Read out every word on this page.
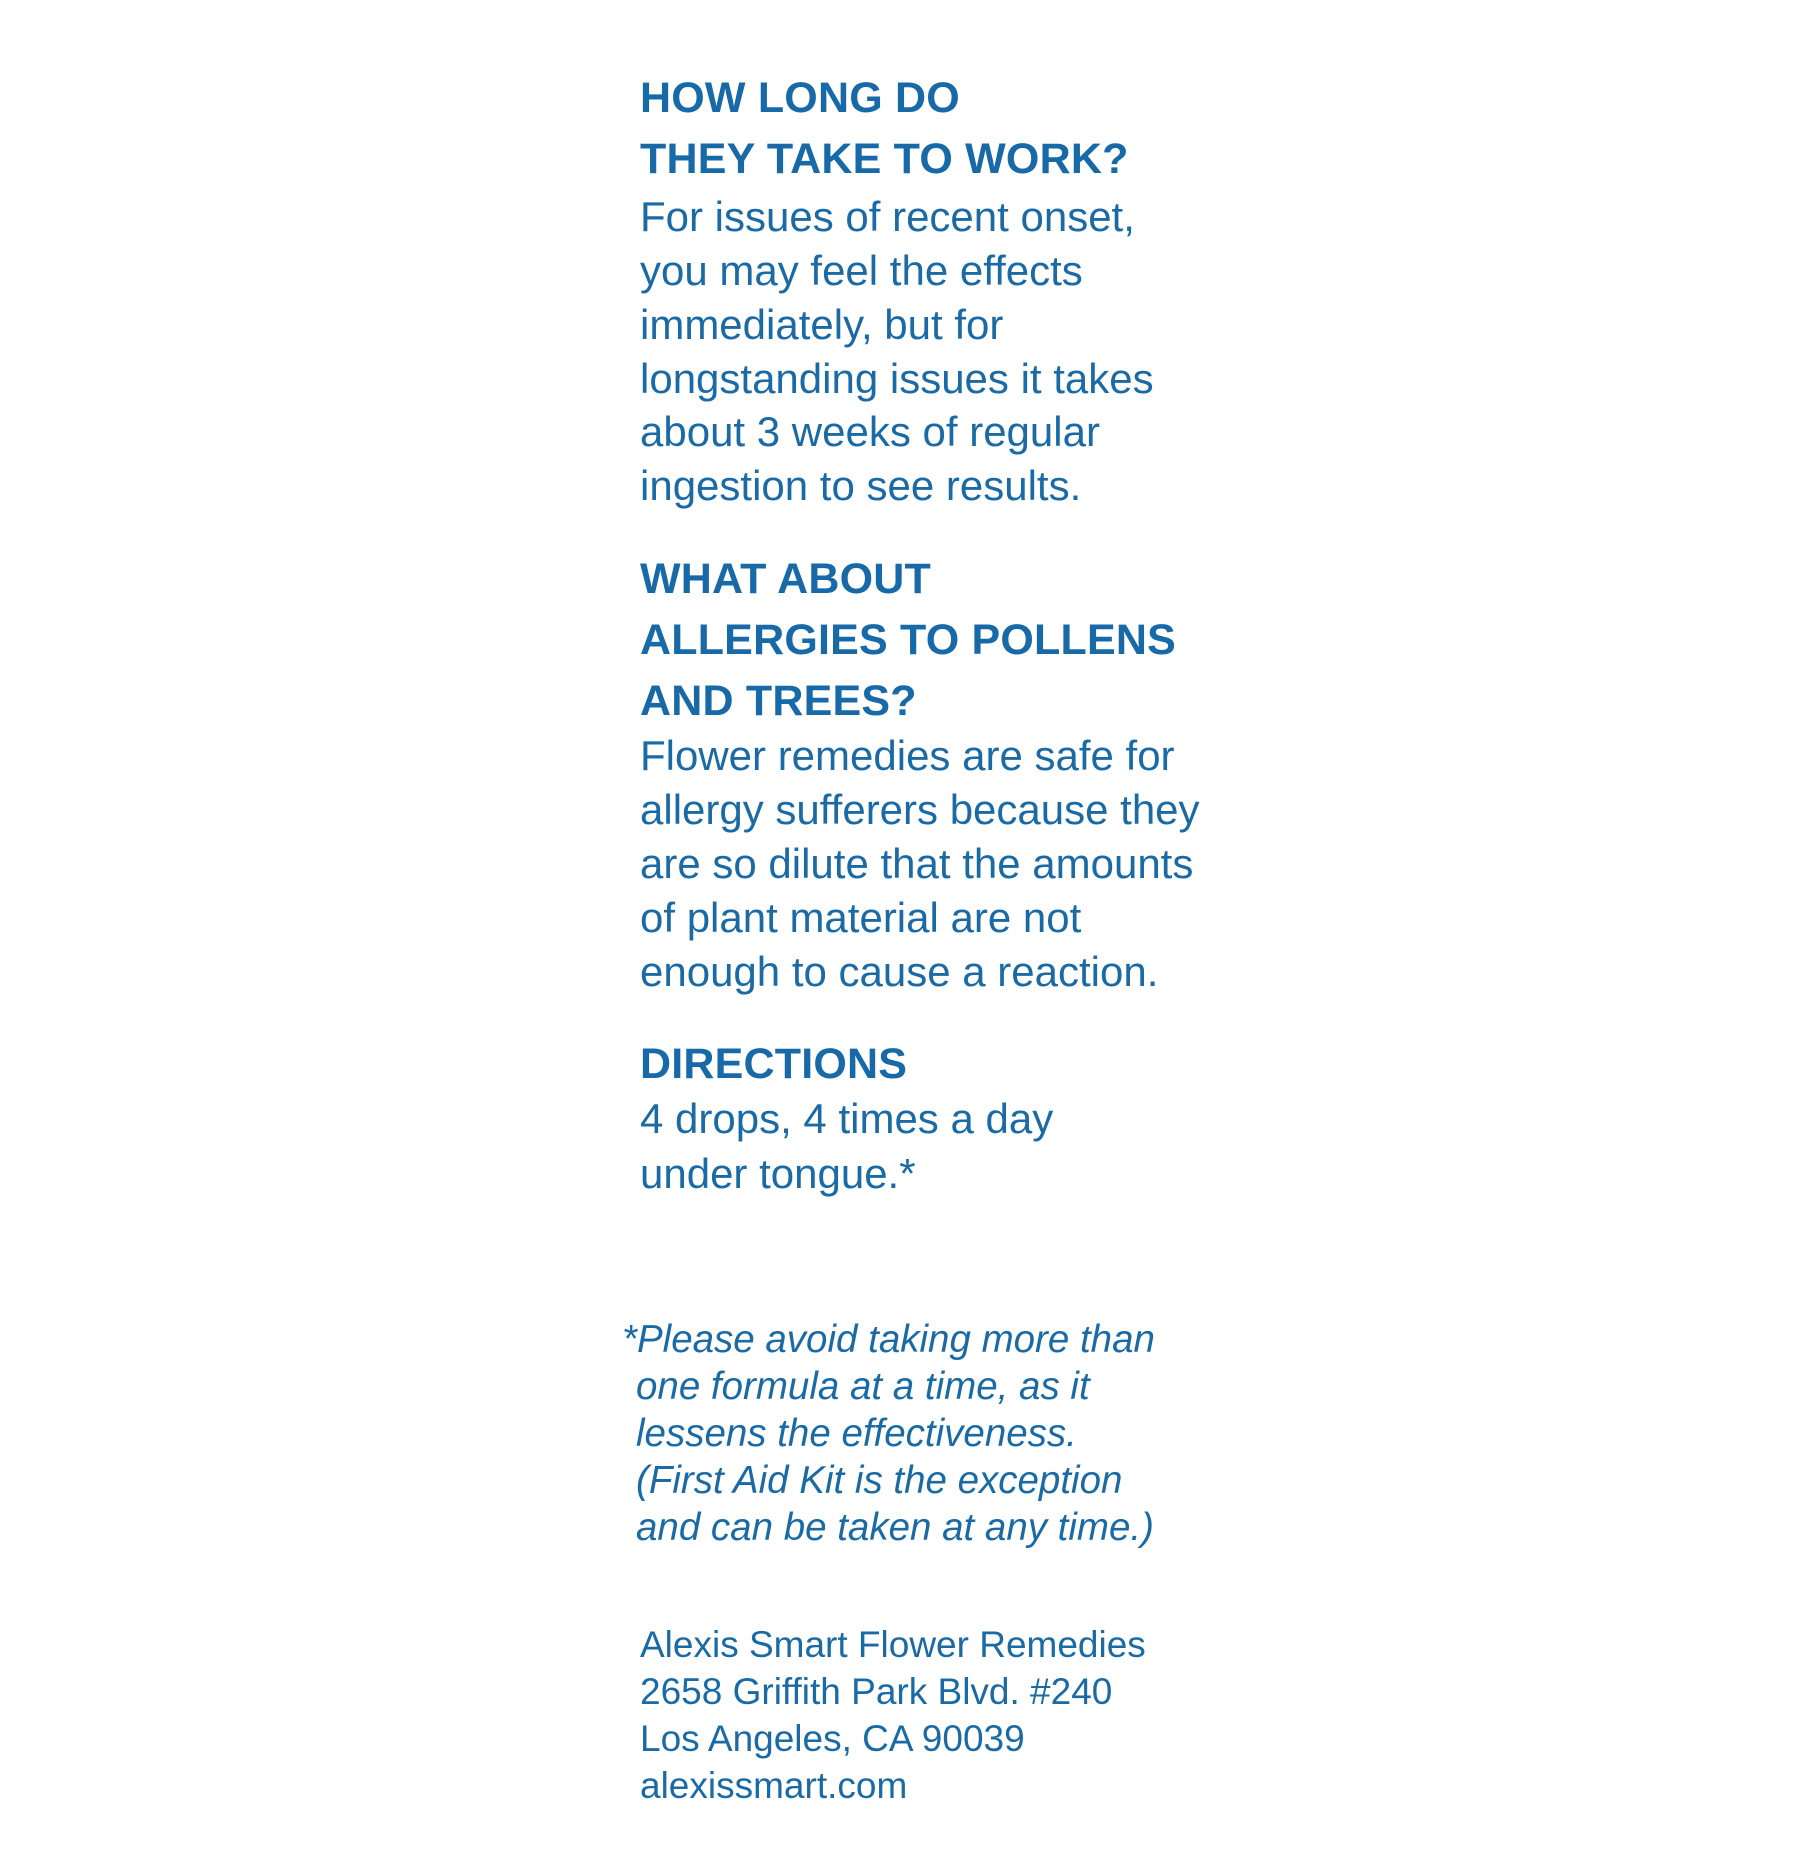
HOW LONG DO

THEY TAKE TO WORK?

For issues of recent onset,

you may feel the effects

immediately, but for

longstanding issues it takes

about 3 weeks of regular

ingestion to see results.

WHAT ABOUT

ALLERGIES TO POLLENS

AND TREES?

Flower remedies are safe for

allergy sufferers because they

are so dilute that the amounts

of plant material are not

enough to cause a reaction.

DIRECTIONS

4 drops, 4 times a day

under tongue.*

*Please avoid taking more than

one formula at a time, as it

lessens the effectiveness.

(First Aid Kit is the exception

and can be taken at any time.)

Alexis Smart Flower Remedies

2658 Griffith Park Blvd. #240

Los Angeles, CA 90039

alexissmart.com
